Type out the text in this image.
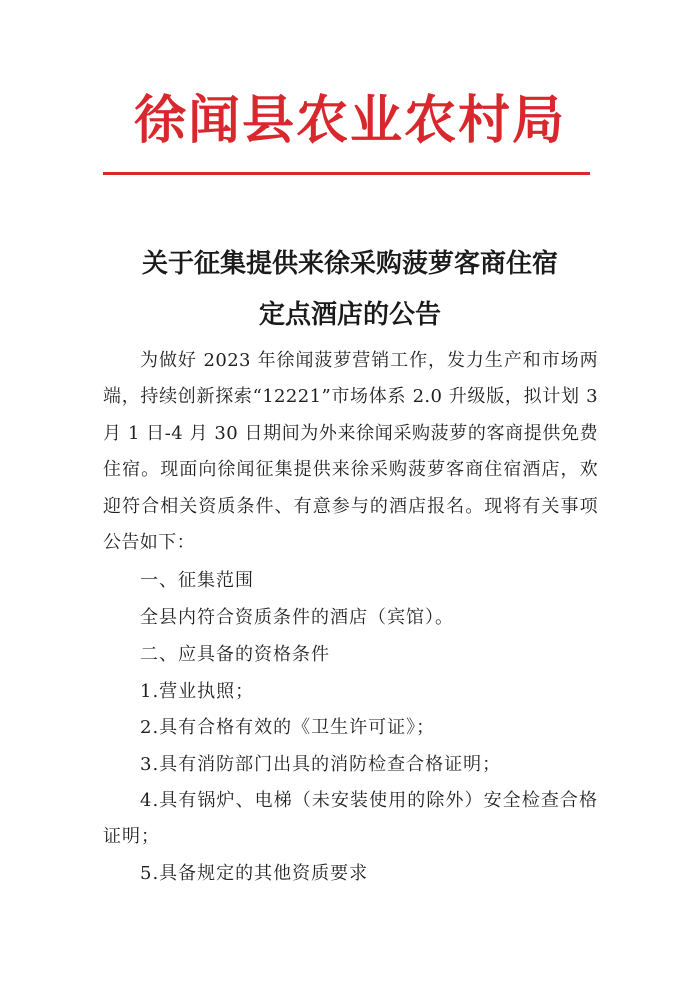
徐闻县农业农村局
关于征集提供来徐采购菠萝客商住宿
定点酒店的公告
为做好 2023 年徐闻菠萝营销工作，发力生产和市场两端，持续创新探索“12221”市场体系 2.0 升级版，拟计划 3 月 1 日-4 月 30 日期间为外来徐闻采购菠萝的客商提供免费住宿。现面向徐闻征集提供来徐采购菠萝客商住宿酒店，欢迎符合相关资质条件、有意参与的酒店报名。现将有关事项公告如下：
一、征集范围
全县内符合资质条件的酒店（宾馆）。
二、应具备的资格条件
1.营业执照；
2.具有合格有效的《卫生许可证》；
3.具有消防部门出具的消防检查合格证明；
4.具有锅炉、电梯（未安装使用的除外）安全检查合格证明；
5.具备规定的其他资质要求
